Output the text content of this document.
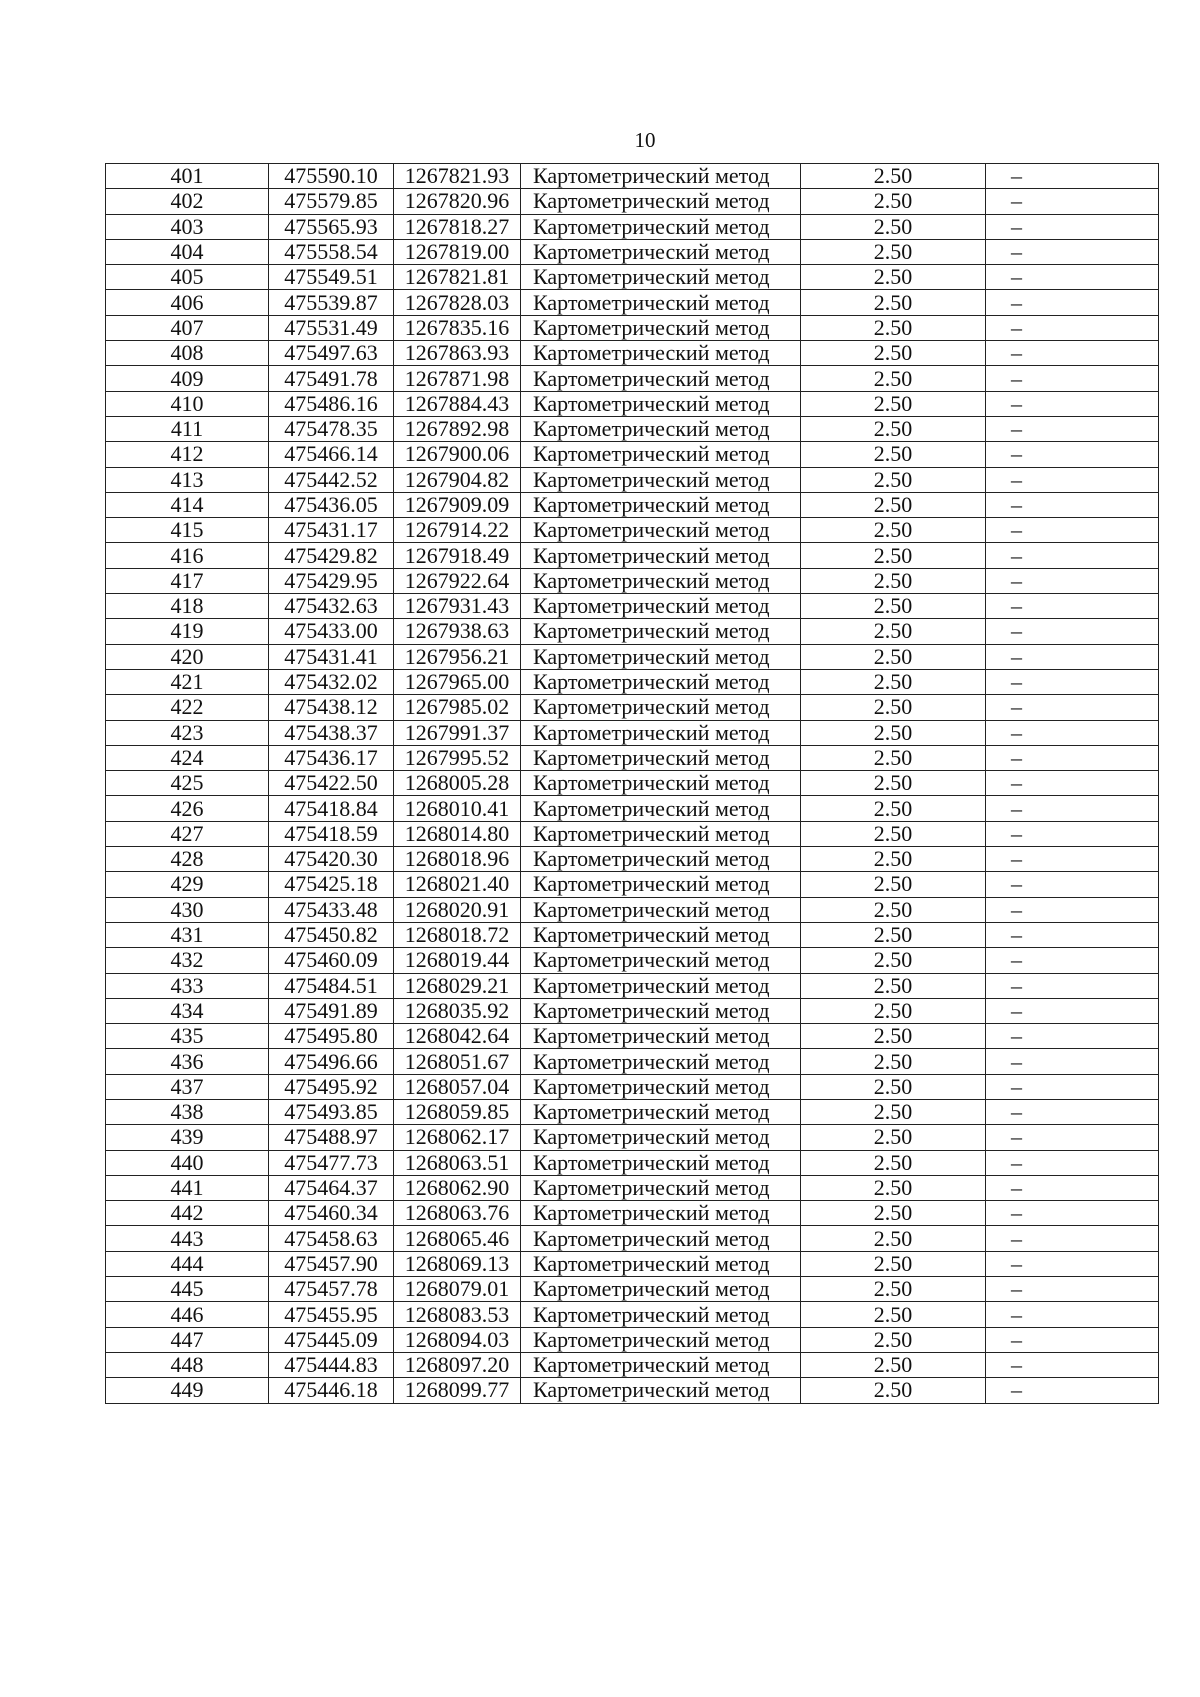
10
401	475590.10	1267821.93	Картометрический метод	2.50	–
402	475579.85	1267820.96	Картометрический метод	2.50	–
403	475565.93	1267818.27	Картометрический метод	2.50	–
404	475558.54	1267819.00	Картометрический метод	2.50	–
405	475549.51	1267821.81	Картометрический метод	2.50	–
406	475539.87	1267828.03	Картометрический метод	2.50	–
407	475531.49	1267835.16	Картометрический метод	2.50	–
408	475497.63	1267863.93	Картометрический метод	2.50	–
409	475491.78	1267871.98	Картометрический метод	2.50	–
410	475486.16	1267884.43	Картометрический метод	2.50	–
411	475478.35	1267892.98	Картометрический метод	2.50	–
412	475466.14	1267900.06	Картометрический метод	2.50	–
413	475442.52	1267904.82	Картометрический метод	2.50	–
414	475436.05	1267909.09	Картометрический метод	2.50	–
415	475431.17	1267914.22	Картометрический метод	2.50	–
416	475429.82	1267918.49	Картометрический метод	2.50	–
417	475429.95	1267922.64	Картометрический метод	2.50	–
418	475432.63	1267931.43	Картометрический метод	2.50	–
419	475433.00	1267938.63	Картометрический метод	2.50	–
420	475431.41	1267956.21	Картометрический метод	2.50	–
421	475432.02	1267965.00	Картометрический метод	2.50	–
422	475438.12	1267985.02	Картометрический метод	2.50	–
423	475438.37	1267991.37	Картометрический метод	2.50	–
424	475436.17	1267995.52	Картометрический метод	2.50	–
425	475422.50	1268005.28	Картометрический метод	2.50	–
426	475418.84	1268010.41	Картометрический метод	2.50	–
427	475418.59	1268014.80	Картометрический метод	2.50	–
428	475420.30	1268018.96	Картометрический метод	2.50	–
429	475425.18	1268021.40	Картометрический метод	2.50	–
430	475433.48	1268020.91	Картометрический метод	2.50	–
431	475450.82	1268018.72	Картометрический метод	2.50	–
432	475460.09	1268019.44	Картометрический метод	2.50	–
433	475484.51	1268029.21	Картометрический метод	2.50	–
434	475491.89	1268035.92	Картометрический метод	2.50	–
435	475495.80	1268042.64	Картометрический метод	2.50	–
436	475496.66	1268051.67	Картометрический метод	2.50	–
437	475495.92	1268057.04	Картометрический метод	2.50	–
438	475493.85	1268059.85	Картометрический метод	2.50	–
439	475488.97	1268062.17	Картометрический метод	2.50	–
440	475477.73	1268063.51	Картометрический метод	2.50	–
441	475464.37	1268062.90	Картометрический метод	2.50	–
442	475460.34	1268063.76	Картометрический метод	2.50	–
443	475458.63	1268065.46	Картометрический метод	2.50	–
444	475457.90	1268069.13	Картометрический метод	2.50	–
445	475457.78	1268079.01	Картометрический метод	2.50	–
446	475455.95	1268083.53	Картометрический метод	2.50	–
447	475445.09	1268094.03	Картометрический метод	2.50	–
448	475444.83	1268097.20	Картометрический метод	2.50	–
449	475446.18	1268099.77	Картометрический метод	2.50	–
